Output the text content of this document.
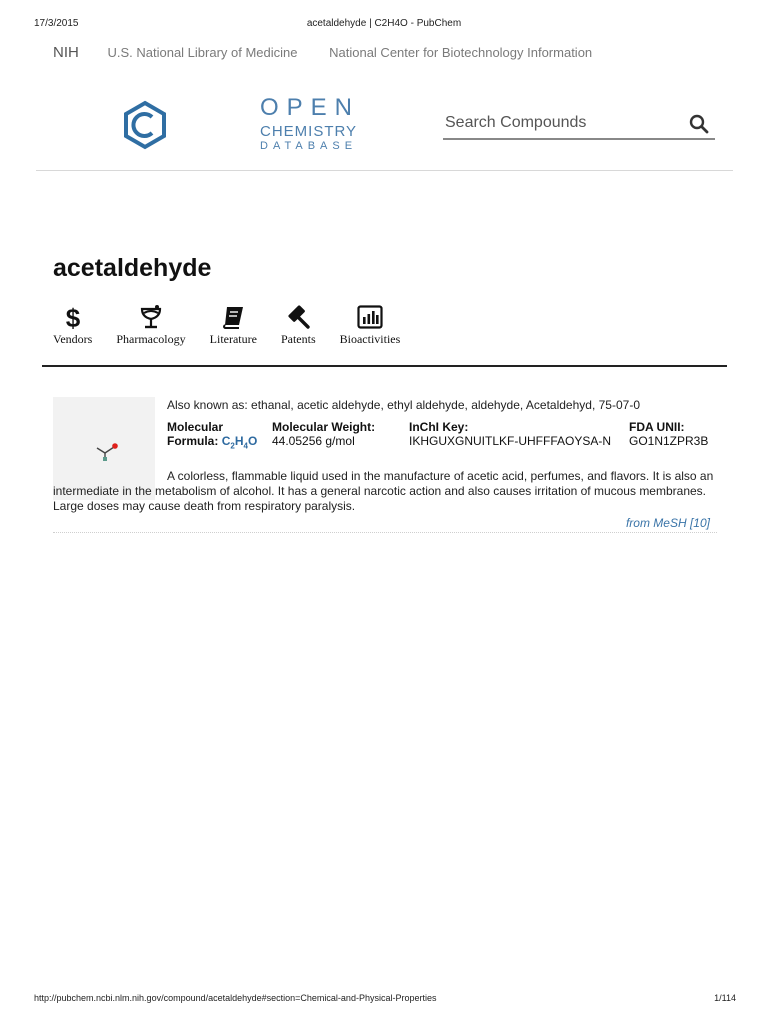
17/3/2015	acetaldehyde | C2H4O - PubChem
NIH U.S. National Library of Medicine National Center for Biotechnology Information
OPEN
CHEMISTRY
DATABASE
Search Compounds
acetaldehyde
$
Vendors Pharmacology Literature Patents Bioactivities
Also known as: ethanal, acetic aldehyde, ethyl aldehyde, aldehyde, Acetaldehyd, 75-07-0
Molecular
Formula: $C_2H_4O$
Molecular Weight:
44.05256 g/mol
InChI Key:
IKHGUXGNUITLKF-UHFFFAOYSA-N
FDA UNII:
GO1N1ZPR3B

A colorless, flammable liquid used in the manufacture of acetic acid, perfumes, and flavors. It is also an intermediate in the metabolism of alcohol. It has a general narcotic action and also causes irritation of mucous membranes. Large doses may cause death from respiratory paralysis.

from MeSH [10]
http://pubchem.ncbi.nlm.nih.gov/compound/acetaldehyde#section=Chemical-and-Physical-Properties	1/114
